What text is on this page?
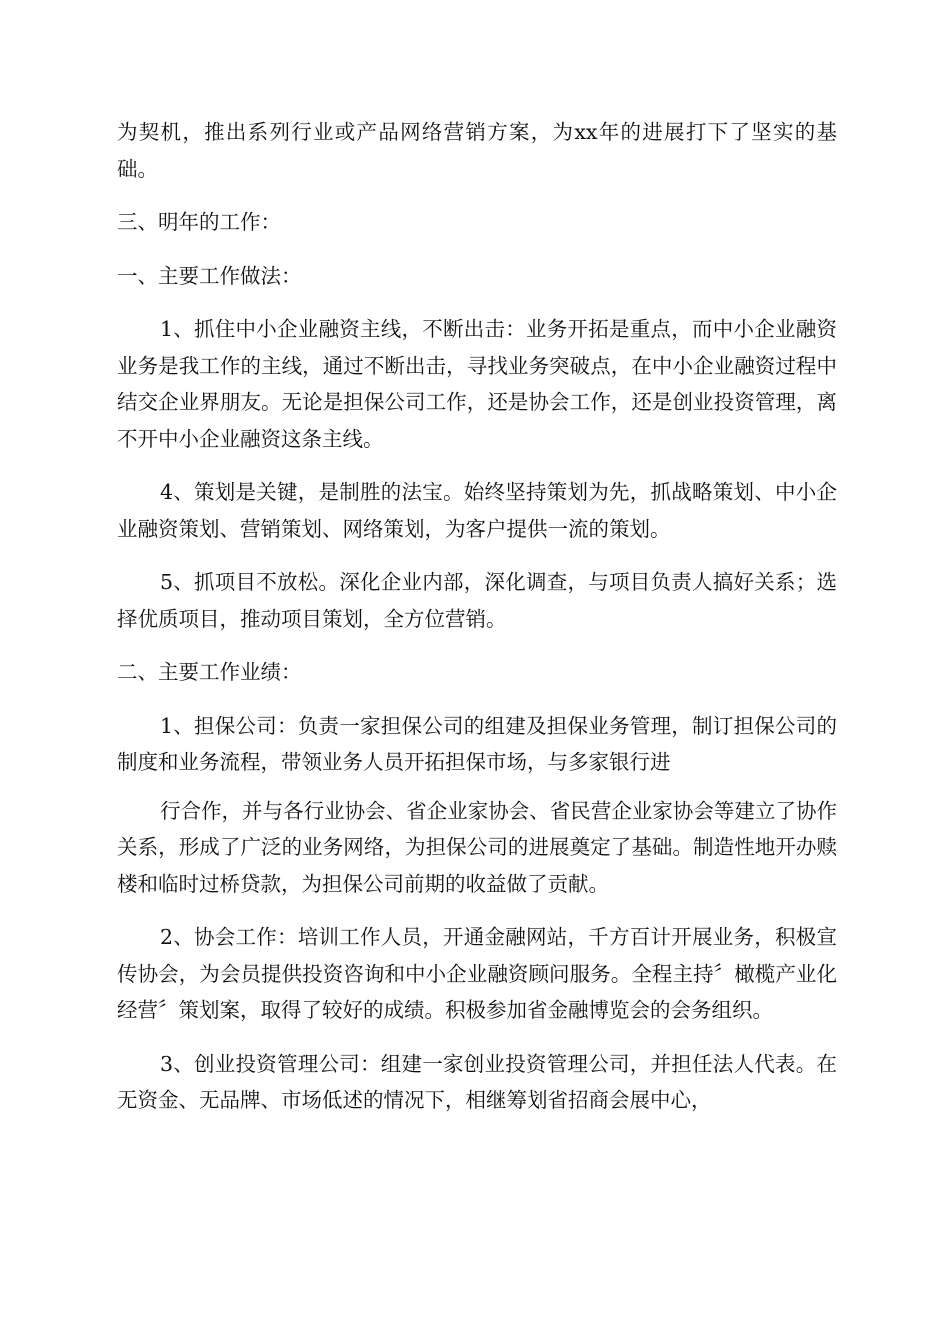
为契机，推出系列行业或产品网络营销方案，为xx年的进展打下了坚实的基础。

三、明年的工作：

一、主要工作做法：

1、抓住中小企业融资主线，不断出击：业务开拓是重点，而中小企业融资业务是我工作的主线，通过不断出击，寻找业务突破点，在中小企业融资过程中结交企业界朋友。无论是担保公司工作，还是协会工作，还是创业投资管理，离不开中小企业融资这条主线。

4、策划是关键，是制胜的法宝。始终坚持策划为先，抓战略策划、中小企业融资策划、营销策划、网络策划，为客户提供一流的策划。

5、抓项目不放松。深化企业内部，深化调查，与项目负责人搞好关系；选择优质项目，推动项目策划，全方位营销。

二、主要工作业绩：

1、担保公司：负责一家担保公司的组建及担保业务管理，制订担保公司的制度和业务流程，带领业务人员开拓担保市场，与多家银行进

行合作，并与各行业协会、省企业家协会、省民营企业家协会等建立了协作关系，形成了广泛的业务网络，为担保公司的进展奠定了基础。制造性地开办赎楼和临时过桥贷款，为担保公司前期的收益做了贡献。

2、协会工作：培训工作人员，开通金融网站，千方百计开展业务，积极宣传协会，为会员提供投资咨询和中小企业融资顾问服务。全程主持〞橄榄产业化经营〞策划案，取得了较好的成绩。积极参加省金融博览会的会务组织。

3、创业投资管理公司：组建一家创业投资管理公司，并担任法人代表。在无资金、无品牌、市场低述的情况下，相继筹划省招商会展中心，
